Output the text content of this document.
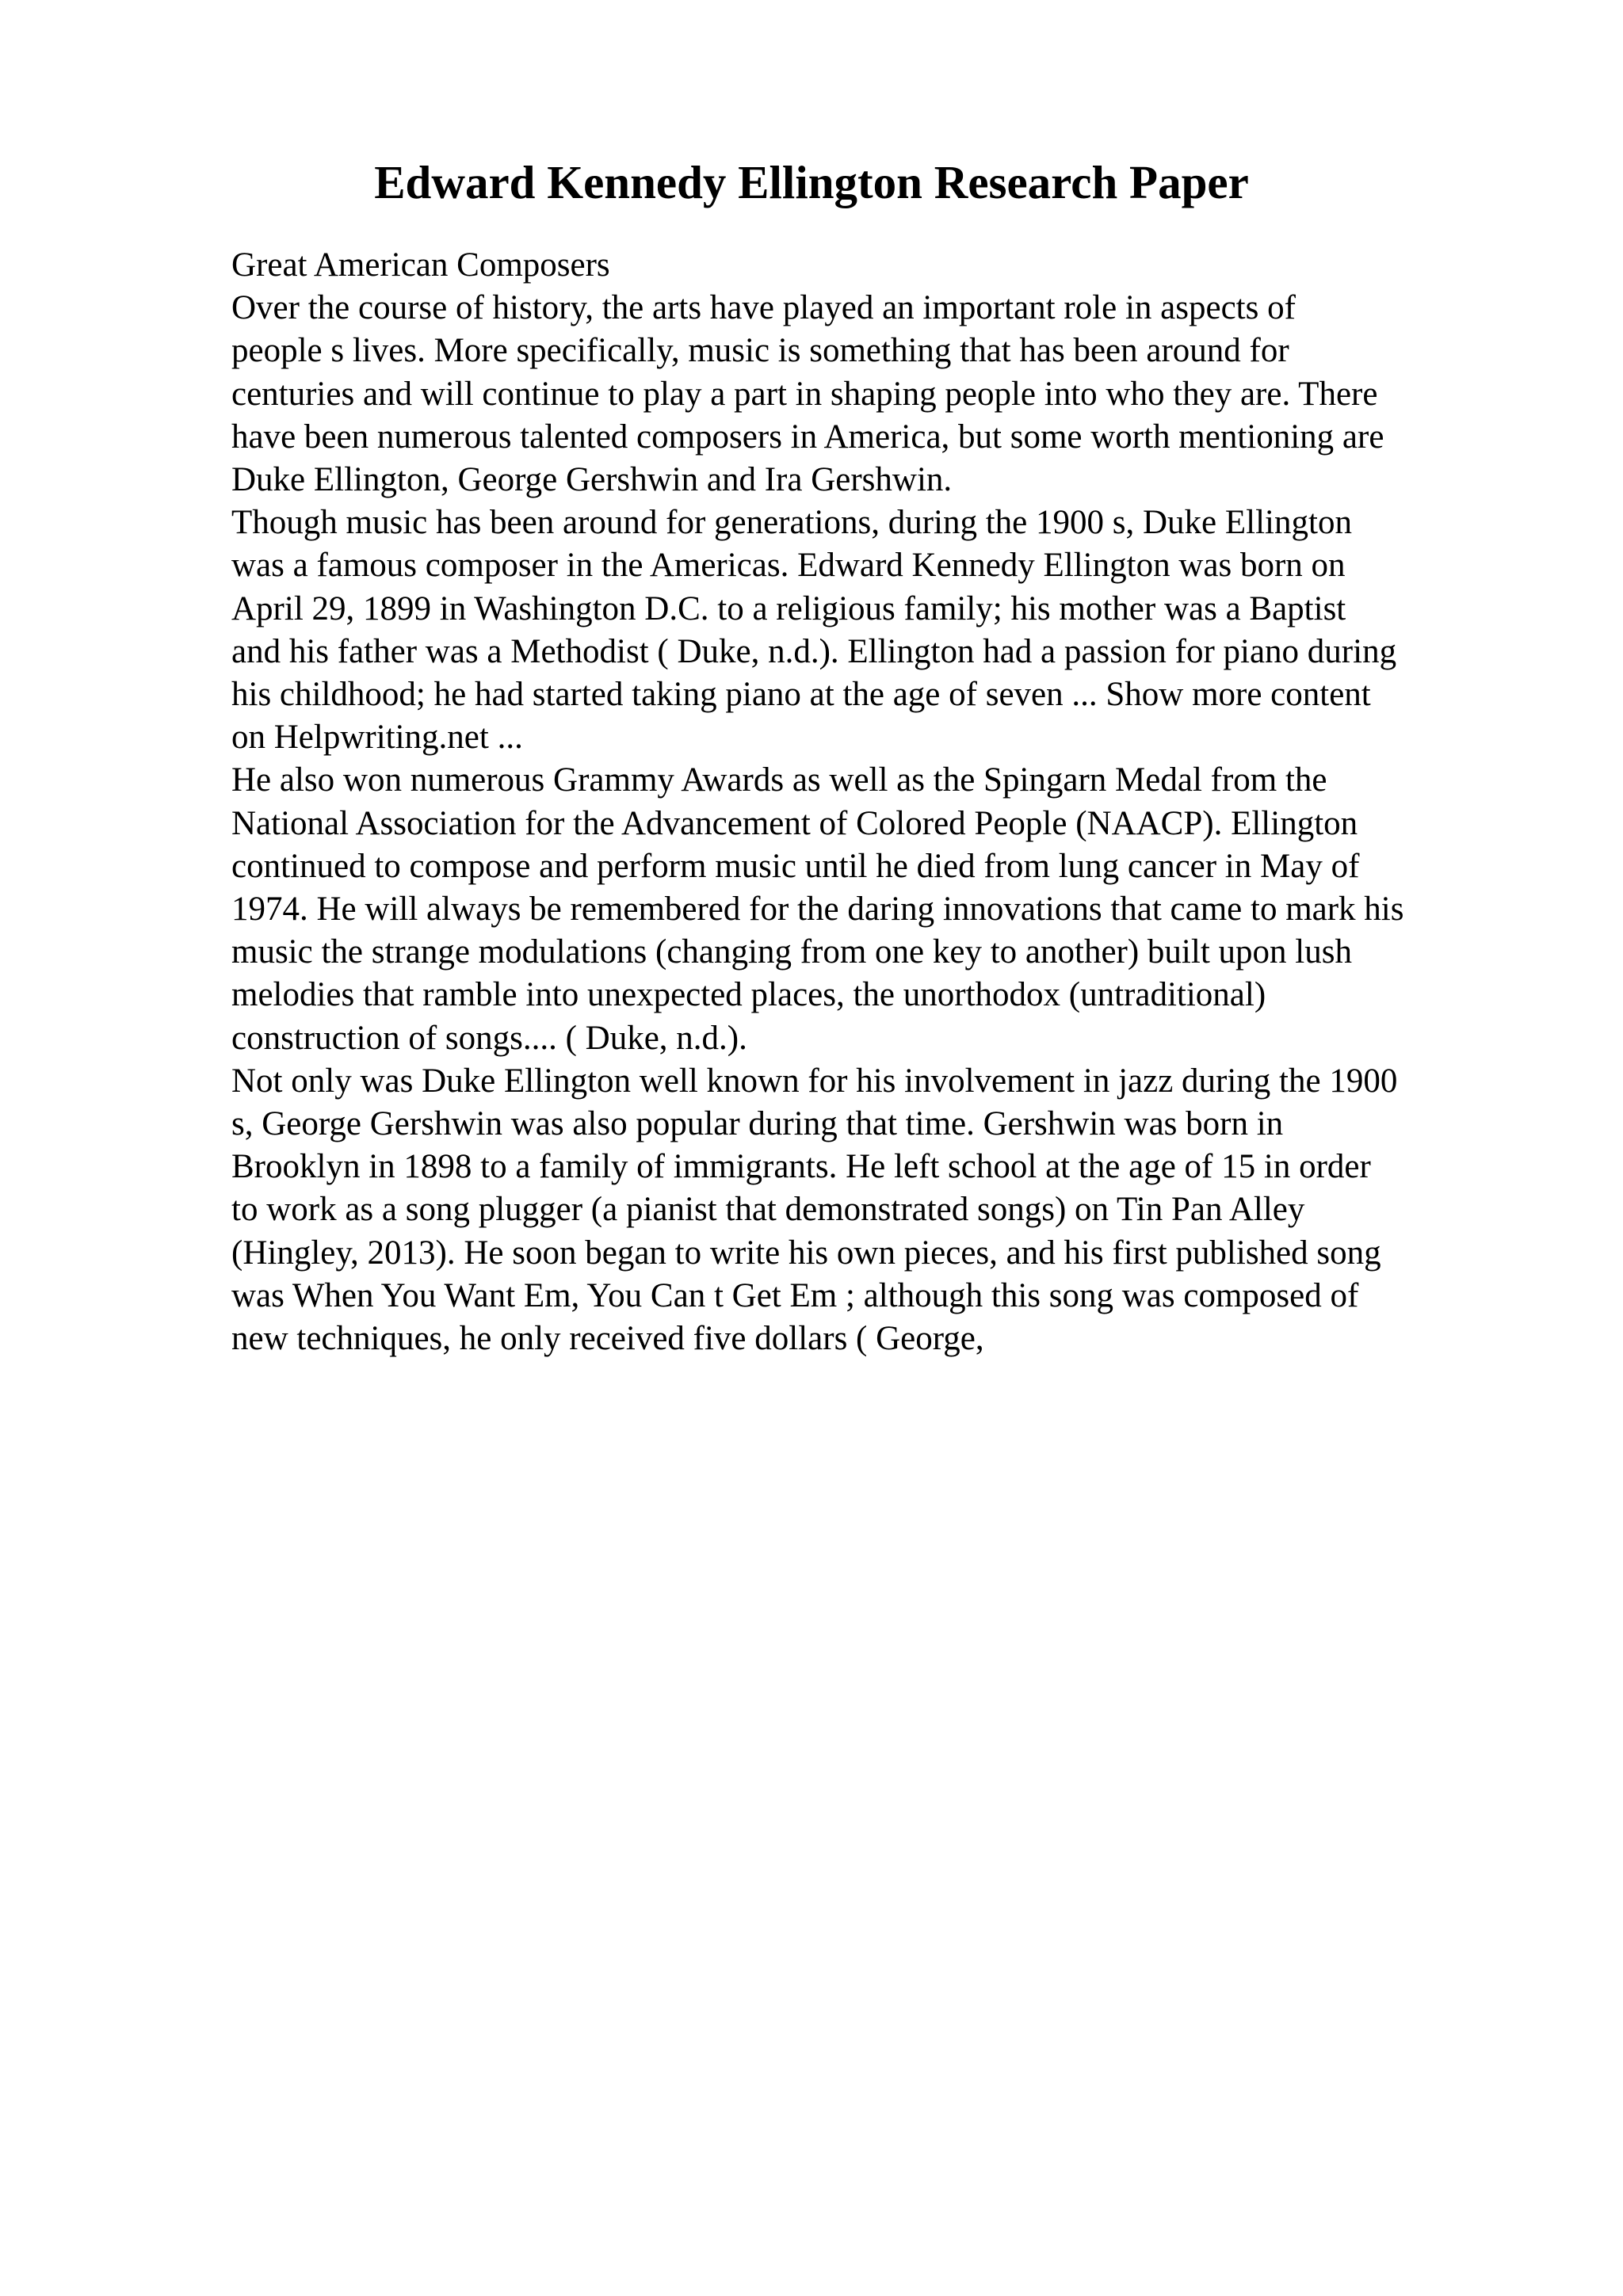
Edward Kennedy Ellington Research Paper
Great American Composers
Over the course of history, the arts have played an important role in aspects of
people s lives. More specifically, music is something that has been around for
centuries and will continue to play a part in shaping people into who they are. There
have been numerous talented composers in America, but some worth mentioning are
Duke Ellington, George Gershwin and Ira Gershwin.
Though music has been around for generations, during the 1900 s, Duke Ellington
was a famous composer in the Americas. Edward Kennedy Ellington was born on
April 29, 1899 in Washington D.C. to a religious family; his mother was a Baptist
and his father was a Methodist ( Duke, n.d.). Ellington had a passion for piano during
his childhood; he had started taking piano at the age of seven ... Show more content
on Helpwriting.net ...
He also won numerous Grammy Awards as well as the Spingarn Medal from the
National Association for the Advancement of Colored People (NAACP). Ellington
continued to compose and perform music until he died from lung cancer in May of
1974. He will always be remembered for the daring innovations that came to mark his
music the strange modulations (changing from one key to another) built upon lush
melodies that ramble into unexpected places, the unorthodox (untraditional)
construction of songs.... ( Duke, n.d.).
Not only was Duke Ellington well known for his involvement in jazz during the 1900
s, George Gershwin was also popular during that time. Gershwin was born in
Brooklyn in 1898 to a family of immigrants. He left school at the age of 15 in order
to work as a song plugger (a pianist that demonstrated songs) on Tin Pan Alley
(Hingley, 2013). He soon began to write his own pieces, and his first published song
was When You Want Em, You Can t Get Em ; although this song was composed of
new techniques, he only received five dollars ( George,
